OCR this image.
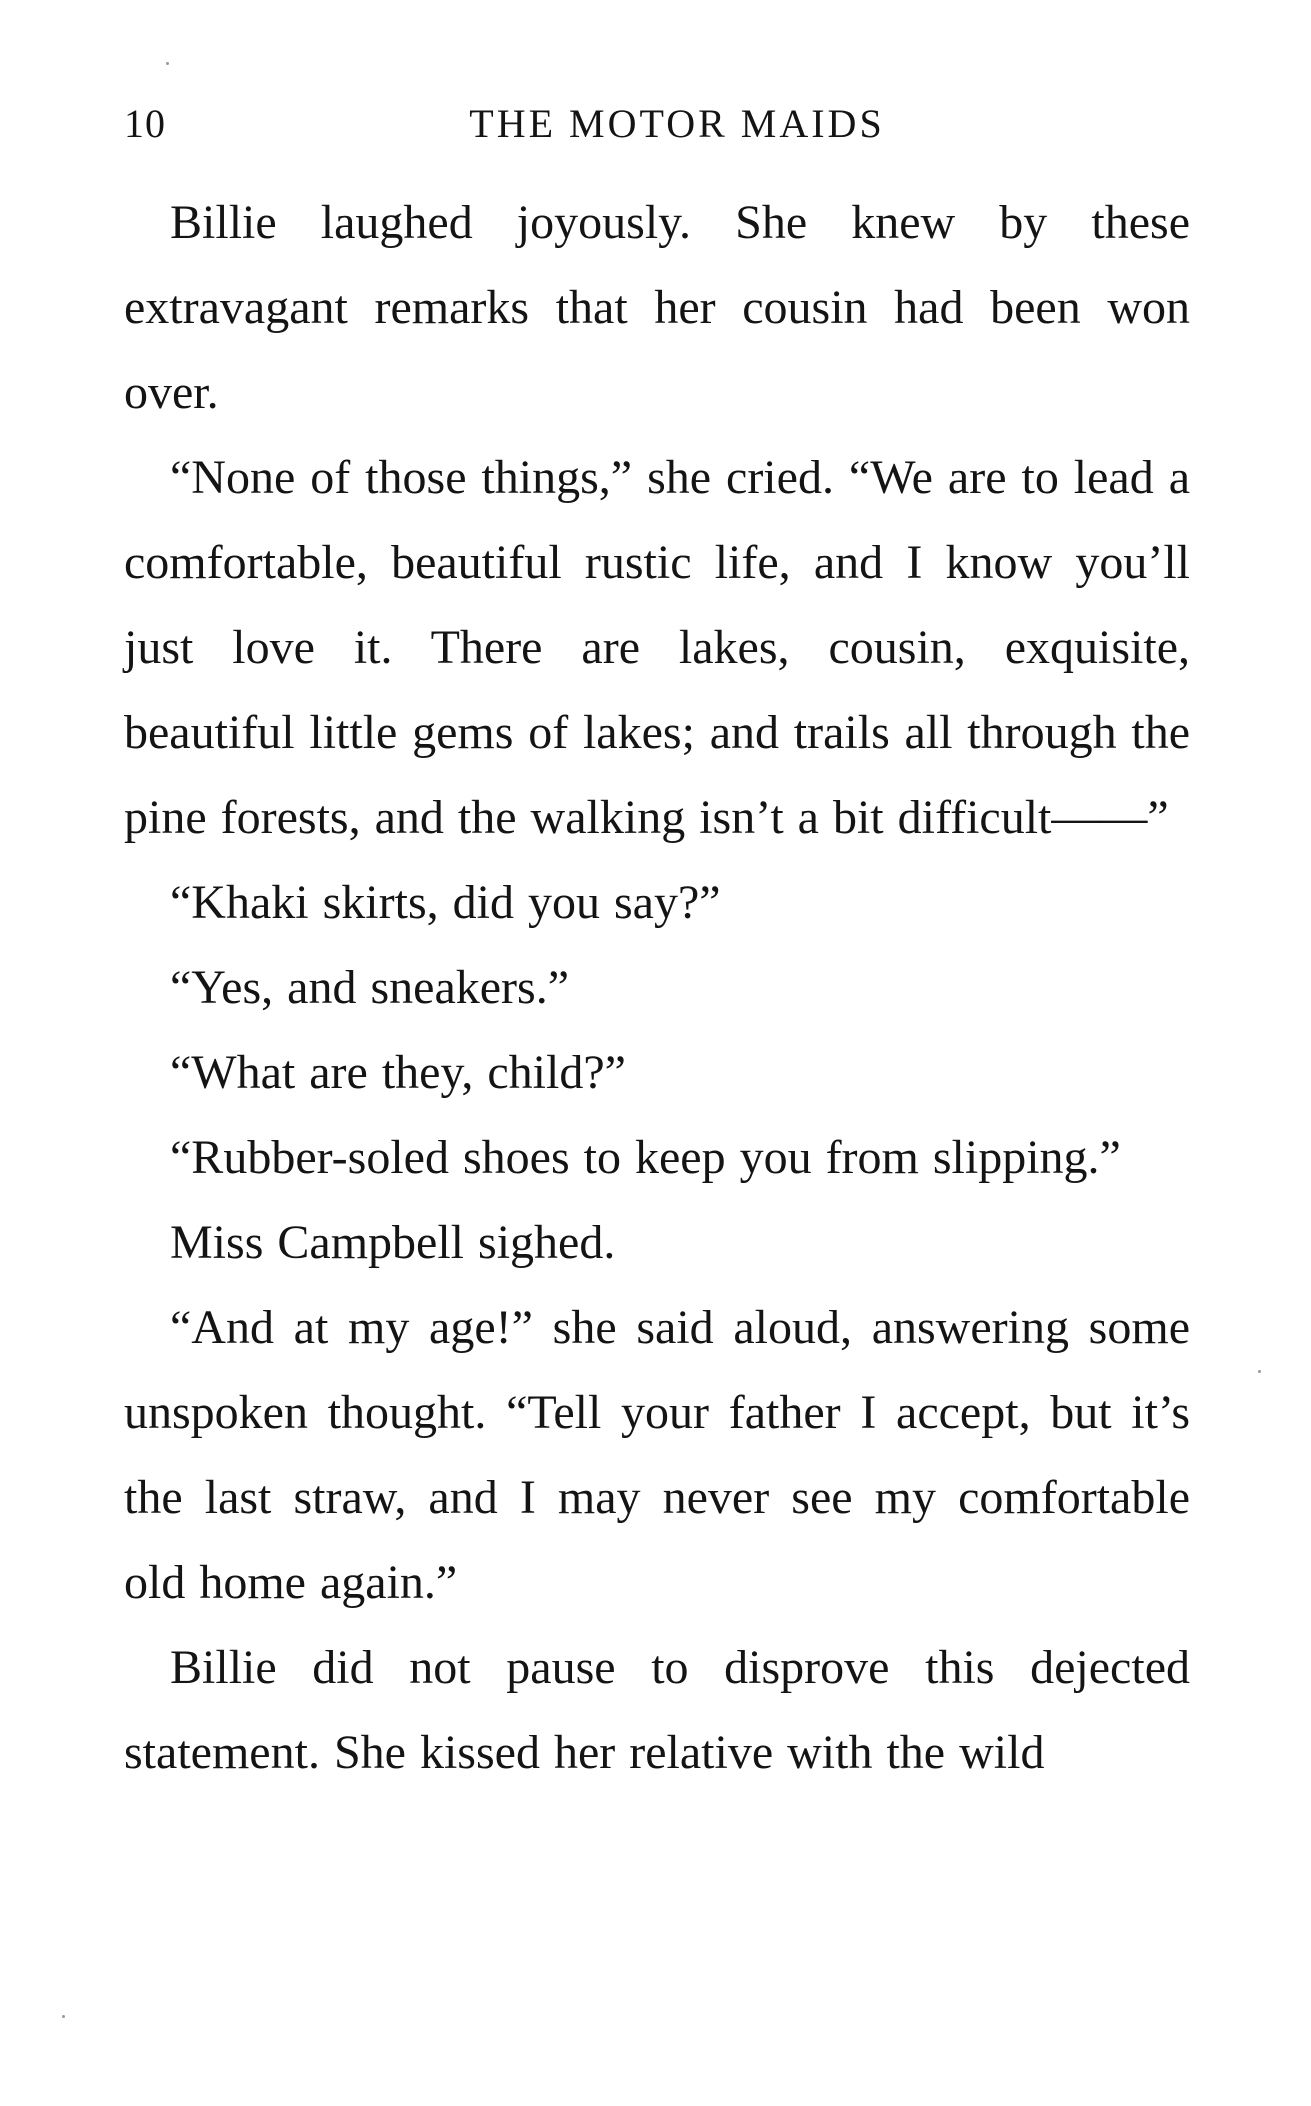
10	THE MOTOR MAIDS

Billie laughed joyously. She knew by these extravagant remarks that her cousin had been won over.

“None of those things,” she cried. “We are to lead a comfortable, beautiful rustic life, and I know you’ll just love it. There are lakes, cousin, exquisite, beautiful little gems of lakes; and trails all through the pine forests, and the walking isn’t a bit difficult——”

“Khaki skirts, did you say?”

“Yes, and sneakers.”

“What are they, child?”

“Rubber-soled shoes to keep you from slipping.”

Miss Campbell sighed.

“And at my age!” she said aloud, answering some unspoken thought. “Tell your father I accept, but it’s the last straw, and I may never see my comfortable old home again.”

Billie did not pause to disprove this dejected statement. She kissed her relative with the wild
